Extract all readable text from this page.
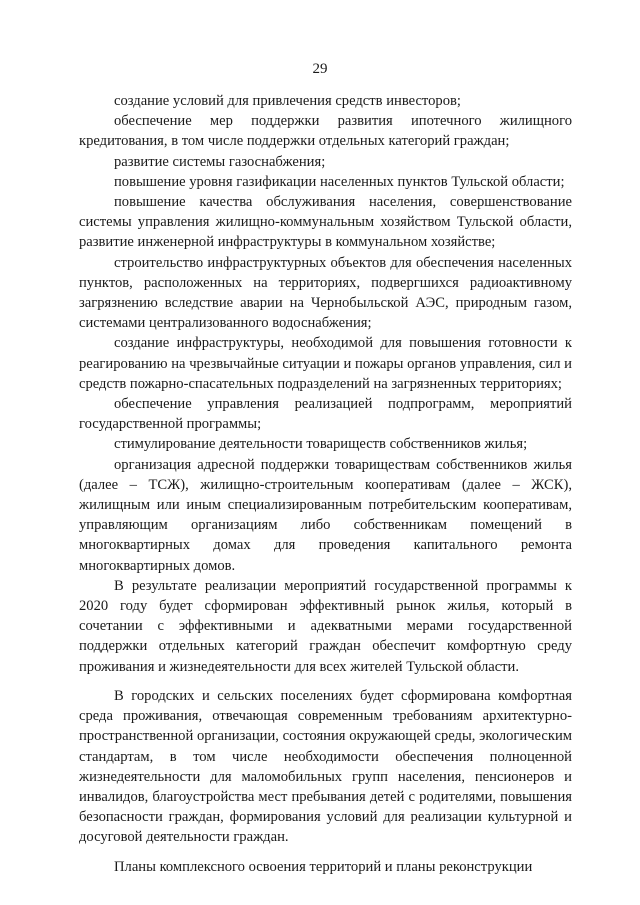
29

создание условий для привлечения средств инвесторов;

обеспечение мер поддержки развития ипотечного жилищного кредитования, в том числе поддержки отдельных категорий граждан;

развитие системы газоснабжения;

повышение уровня газификации населенных пунктов Тульской области;

повышение качества обслуживания населения, совершенствование системы управления жилищно-коммунальным хозяйством Тульской области, развитие инженерной инфраструктуры в коммунальном хозяйстве;

строительство инфраструктурных объектов для обеспечения населенных пунктов, расположенных на территориях, подвергшихся радиоактивному загрязнению вследствие аварии на Чернобыльской АЭС, природным газом, системами централизованного водоснабжения;

создание инфраструктуры, необходимой для повышения готовности к реагированию на чрезвычайные ситуации и пожары органов управления, сил и средств пожарно-спасательных подразделений на загрязненных территориях;

обеспечение управления реализацией подпрограмм, мероприятий государственной программы;

стимулирование деятельности товариществ собственников жилья;

организация адресной поддержки товариществам собственников жилья (далее – ТСЖ), жилищно-строительным кооперативам (далее – ЖСК), жилищным или иным специализированным потребительским кооперативам, управляющим организациям либо собственникам помещений в многоквартирных домах для проведения капитального ремонта многоквартирных домов.

В результате реализации мероприятий государственной программы к 2020 году будет сформирован эффективный рынок жилья, который в сочетании с эффективными и адекватными мерами государственной поддержки отдельных категорий граждан обеспечит комфортную среду проживания и жизнедеятельности для всех жителей Тульской области.

В городских и сельских поселениях будет сформирована комфортная среда проживания, отвечающая современным требованиям архитектурно-пространственной организации, состояния окружающей среды, экологическим стандартам, в том числе необходимости обеспечения полноценной жизнедеятельности для маломобильных групп населения, пенсионеров и инвалидов, благоустройства мест пребывания детей с родителями, повышения безопасности граждан, формирования условий для реализации культурной и досуговой деятельности граждан.

Планы комплексного освоения территорий и планы реконструкции
